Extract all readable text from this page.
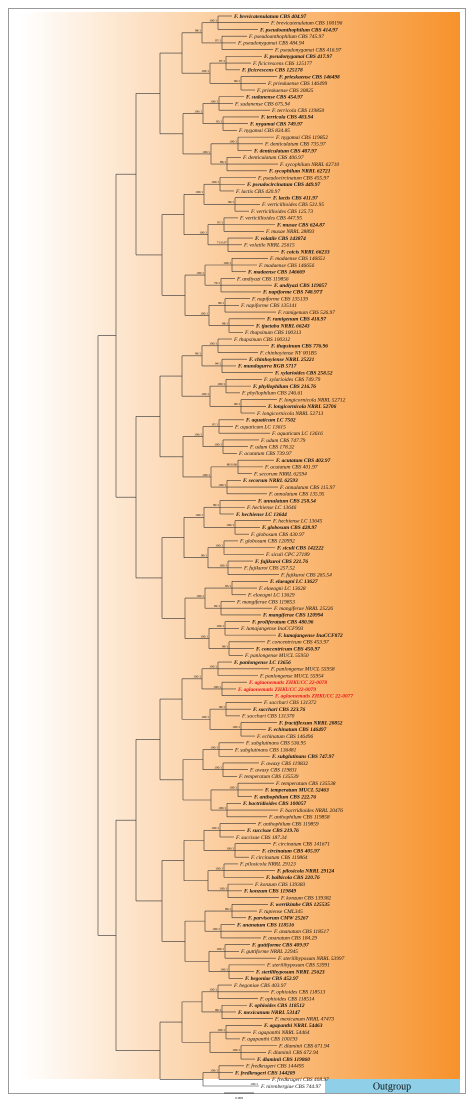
Outgroup
F. brevicatenulatum CBS 404.97
F. brevicatenulatum CBS 100196
F. pseudoanthophilum CBS 414.97
F. pseudoanthophilum CBS 745.97
F. pseudonygamai CBS 484.94
F. pseudonygamai CBS 416.97
F. pseudonygamai CBS 417.97
F. ficicrescens CBS 125177
F. ficicrescens CBS 125178
F. prieskaense CBS 146498
F. prieskaense CBS 146499
F. prieskaense CBS 30825
F. sudanense CBS 454.97
F. sudanense CBS 675.94
F. terricola CBS 119850
F. terricola CBS 483.94
F. nygamai CBS 749.97
F. nygamai CBS 834.85
F. nygamai CBS 119852
F. denticulatum CBS 735.97
F. denticulatum CBS 407.97
F. denticulatum CBS 406.97
F. sycophilum NRRL 62710
F. sycophilum NRRL 62721
F. pseudocircinatum CBS 455.97
F. pseudocircinatum CBS 449.97
F. lactis CBS 420.97
F. lactis CBS 411.97
F. verticillioides CBS 531.95
F. verticillioides CBS 125.73
F. verticillioides CBS 447.95
F. musae CBS 624.87
F. musae NRRL 28893
F. volatile CBS 143874
F. volatile NRRL 25615
F. coicis NRRL 66233
F. madaense CBS 146651
F. madaense CBS 146656
F. madaense CBS 146669
F. andiyazi CBS 119856
F. andiyazi CBS 119857
F. napiforme CBS 748.97T
F. napiforme CBS 135139
F. napiforme CBS 135141
F. ramigenum CBS 526.97
F. ramigenum CBS 418.97
F. tjaetaba NRRL 66243
F. thapsinum CBS 100313
F. thapsinum CBS 100312
F. thapsinum CBS 776.96
F. chinhoyiense NY 001B5
F. chinhoyiense NRRL 25221
F. mundagurra RGB 5717
F. xylarioides CBS 258.52
F. xylarioides CBS 749.79
F. phyllophilum CBS 216.76
F. phyllophilum CBS 246.61
F. longicornicola NRRL 52712
F. longicornicola NRRL 52706
F. longicornicola NRRL 52713
F. aquaticum LC 7502
F. aquaticum LC 13615
F. aquaticum LC 13616
F. udum CBS 747.79
F. udum CBS 178.32
F. acutatum CBS 739.97
F. acutatum CBS 402.97
F. acutatum CBS 401.97
F. secorum NRRL 62594
F. secorum NRRL 62593
F. annulatum CBS 115.97
F. annulatum CBS 135.95
F. annulatum CBS 258.54
F. hechiense LC 13646
F. hechiense LC 13644
F. hechiense LC 13645
F. globosum CBS 428.97
F. globosum CBS 430.97
F. globosum CBS 120992
F. siculi CBS 142222
F. siculi CPC 27189
F. fujikuroi CBS 221.76
F. fujikuroi CBS 257.52
F. fujikuroi CBS 265.54
F. elaeagni LC 13627
F. elaeagni LC 13628
F. elaeagni LC 13629
F. mangiferae CBS 119853
F. mangiferae NRRL 25226
F. mangiferae CBS 120994
F. proliferatum CBS 480.96
F. lumajangense InaCCF993
F. lumajangense InaCCF872
F. concentricum CBS 453.97
F. concentricum CBS 450.97
F. panlongense MUCL 55950
F. panlongense LC 13656
F. panlongense MUCL 55958
F. panlongense MUCL 55954
F. aglaonematis ZHKUCC 22-0078
F. aglaonematis ZHKUCC 22-0079
F. aglaonematis ZHKUCC 22-0077
F. sacchari CBS 131372
F. sacchari CBS 223.76
F. sacchari CBS 131370
F. fractiflexum NRRL 28852
F. echinatum CBS 146497
F. echinatum CBS 146496
F. subglutinans CBS 536.95
F. subglutinans CBS 136481
F. subglutinans CBS 747.97
F. awaxy CBS 119832
F. awaxy CBS 119831
F. temperatum CBS 135539
F. temperatum CBS 135538
F. temperatum MUCL 52463
F. anthophilum CBS 222.76
F. bactridioides CBS 100057
F. bactridioides NRRL 20476
F. anthophilum CBS 119858
F. anthophilum CBS 119859
F. succisae CBS 219.76
F. succisae CBS 187.34
F. circinatum CBS 141671
F. circinatum CBS 405.97
F. circinatum CBS 119864
F. pilosicola NRRL 29123
F. pilosicola NRRL 29124
F. balbicola CBS 220.76
F. konzum CBS 139383
F. konzum CBS 119849
F. konzum CBS 139382
F. werrikimbe CBS 125535
F. tupiense CML345
F. parvisorum CMW 25267
F. ananatum CBS 118516
F. ananatum CBS 118517
F. ananatum CBS 184.29
F. guttiforme CBS 409.97
F. guttiforme NRRL 22945
F. sterilihyposum NRRL 53997
F. sterilihyposum CBS 53991
F. sterilihyposum NRRL 25623
F. begoniae CBS 452.97
F. begoniae CBS 403.97
F. ophioides CBS 118513
F. ophioides CBS 118514
F. ophioides CBS 118512
F. mexicanum NRRL 53147
F. mexicanum NRRL 47473
F. agapanthi NRRL 54463
F. agapanthi NRRL 54464
F. agapanthi CBS 100193
F. dlaminii CBS 671.94
F. dlaminii CBS 672.94
F. dlaminii CBS 119860
F. fredkrugeri CBS 144495
F. fredkrugeri CBS 144209
F. fredkrugeri CBS 408.97
F. nirenbergiae CBS 744.97
100/1
97/1
87/1
99/1
100/1
95/1
100/1
86/1
100/1
99/1
97/1
71/0.97
100/1
76/1
99/1
98/1
100/1
94/1
100/1
99/1
97/1
100/1
80/0.96
100/1
99/1
100/1
100/1
100/1
95/1
82/1
100/1
99/1
100/1
100/1
99/1
100/1
100/1
100/1
100/1
100/1
100/1
100/1
100/1
100/1
99/1
100/1
100/1
100/1
100/1
99/1
100/1
100/1
100/1
100/1
98/1
100/1
100/1
100/1
100/1
100/1
100/1
100/1
99/1
100/1
100/1
100/1
100/1
99/1
100/1
100/1
100/1
100/1
0.008
